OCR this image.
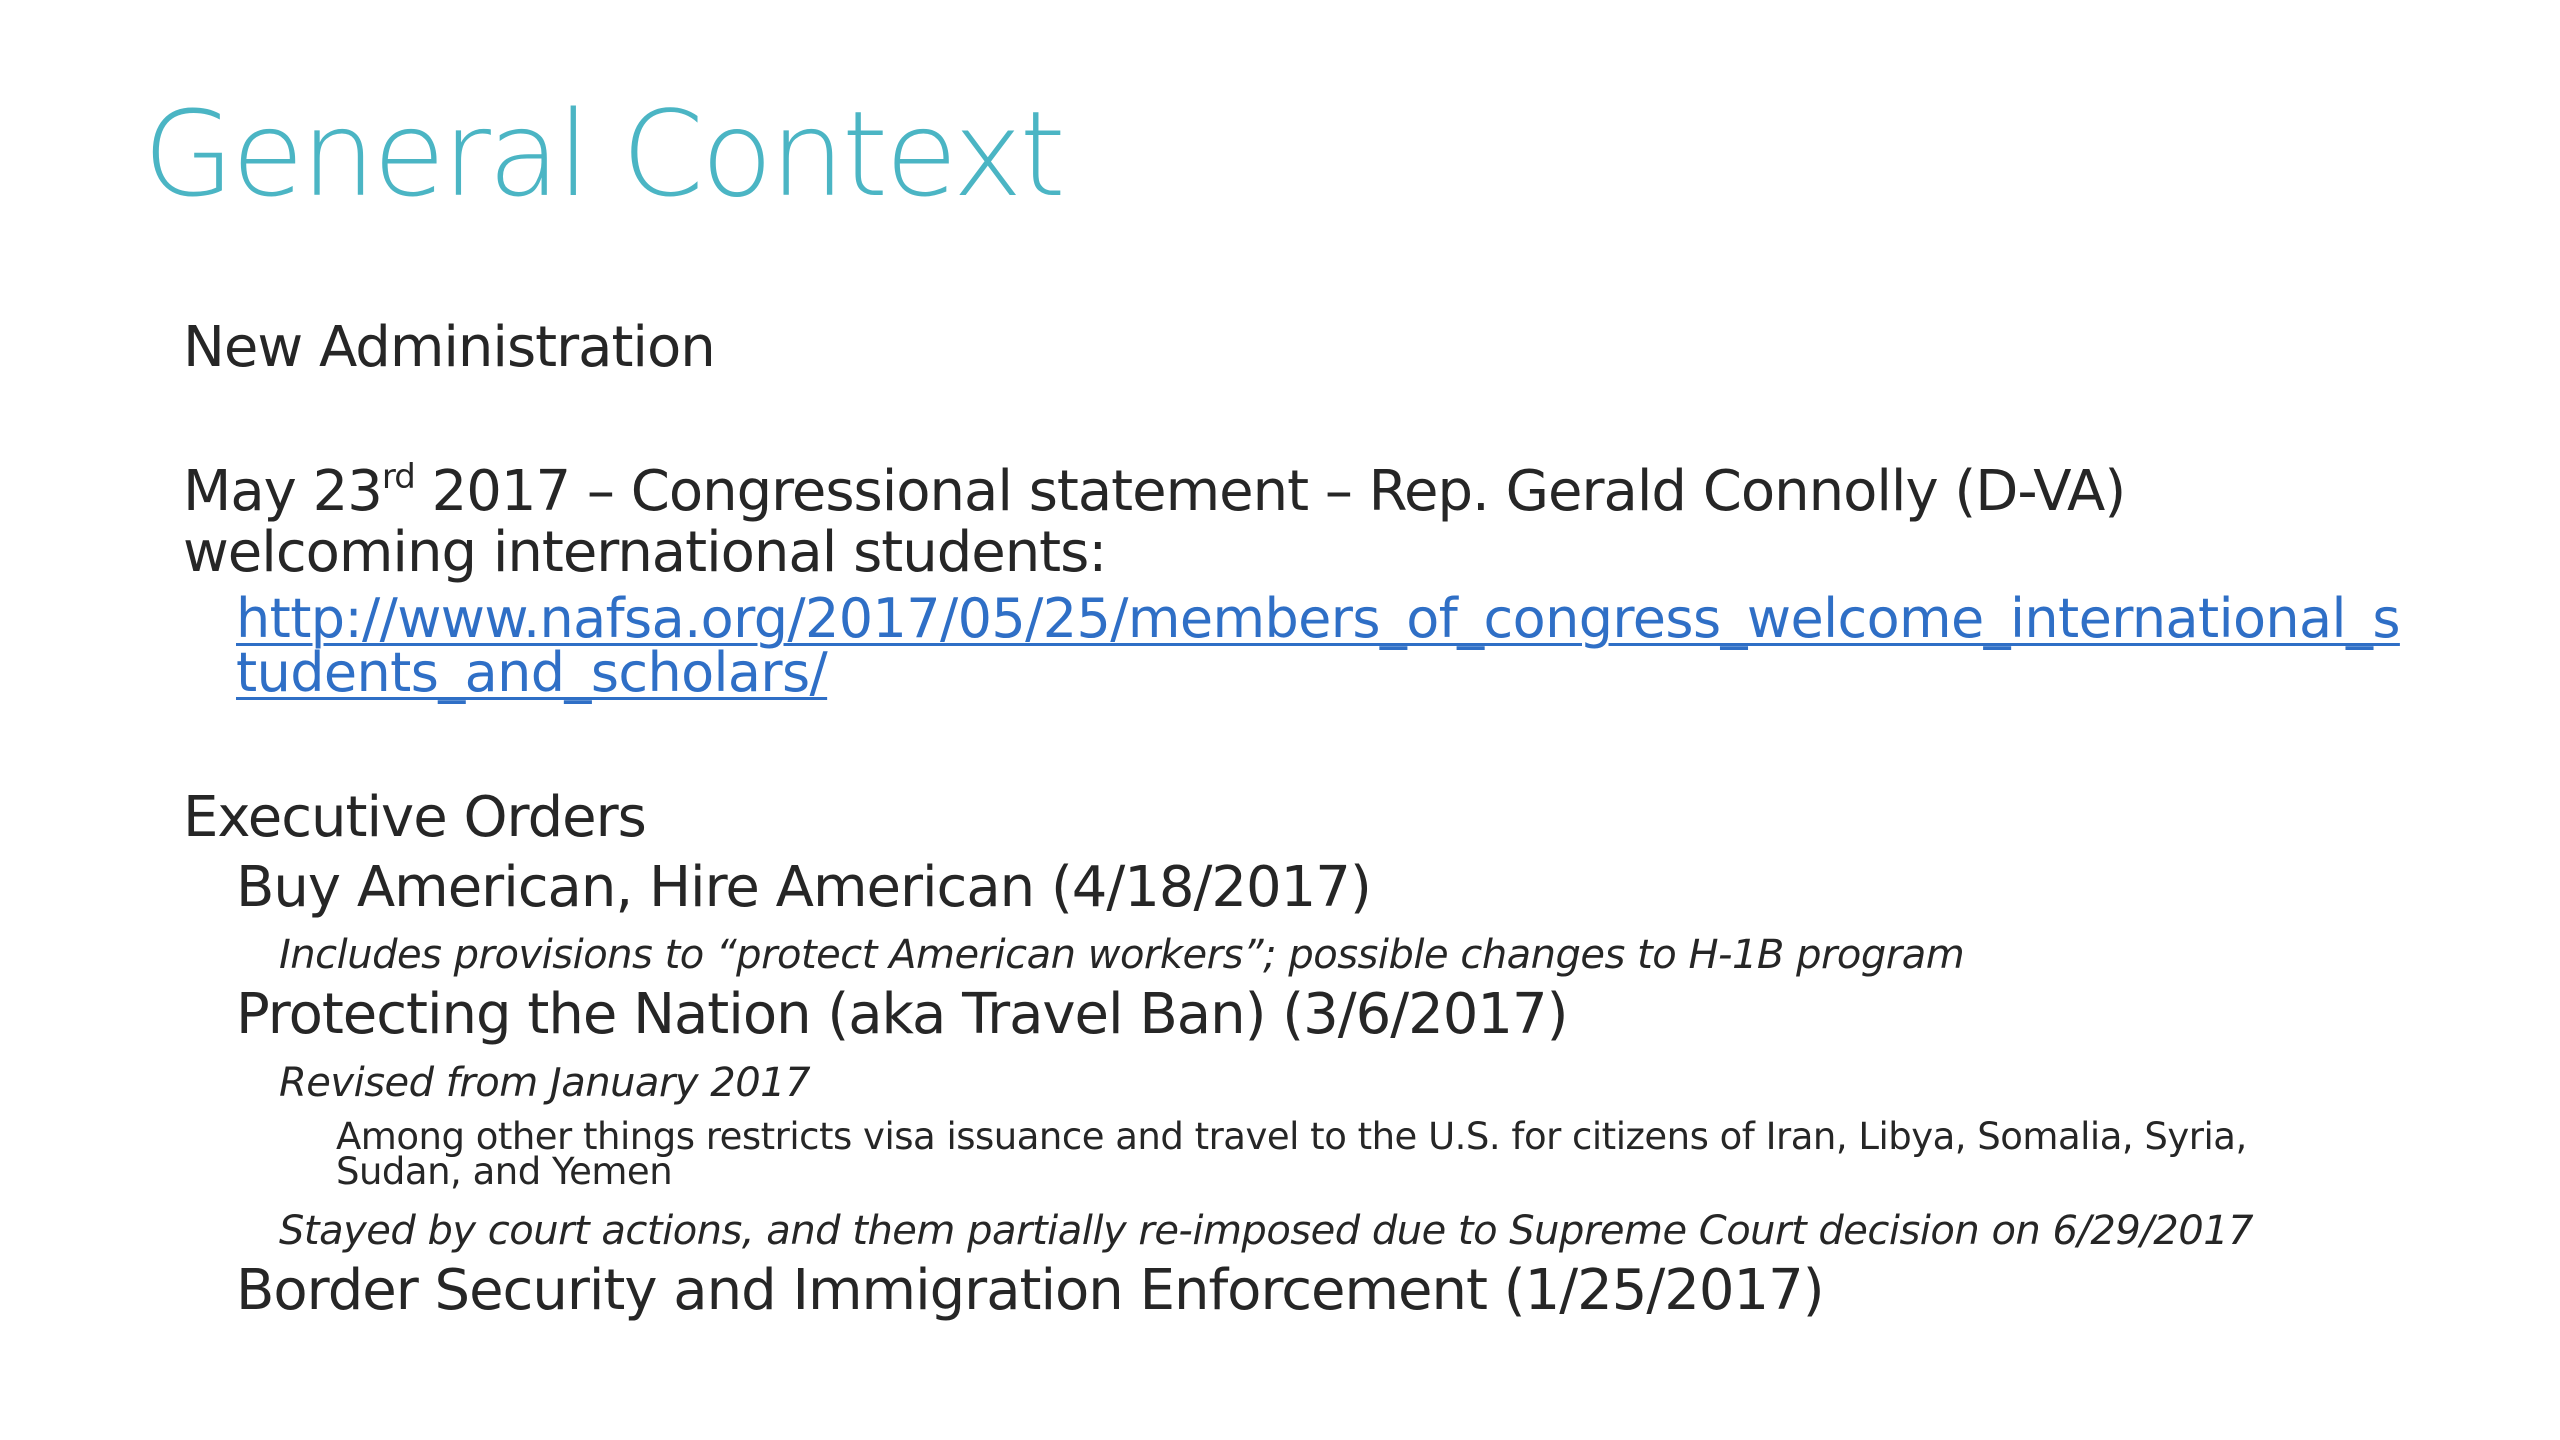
General Context
New Administration
May 23rd 2017 – Congressional statement – Rep. Gerald Connolly (D-VA)
welcoming international students:
http://www.nafsa.org/2017/05/25/members_of_congress_welcome_international_students_and_scholars/
Executive Orders
Buy American, Hire American (4/18/2017)
Includes provisions to “protect American workers”; possible changes to H-1B program
Protecting the Nation (aka Travel Ban) (3/6/2017)
Revised from January 2017
Among other things restricts visa issuance and travel to the U.S. for citizens of Iran, Libya, Somalia, Syria,
Sudan, and Yemen
Stayed by court actions, and them partially re-imposed due to Supreme Court decision on 6/29/2017
Border Security and Immigration Enforcement (1/25/2017)
